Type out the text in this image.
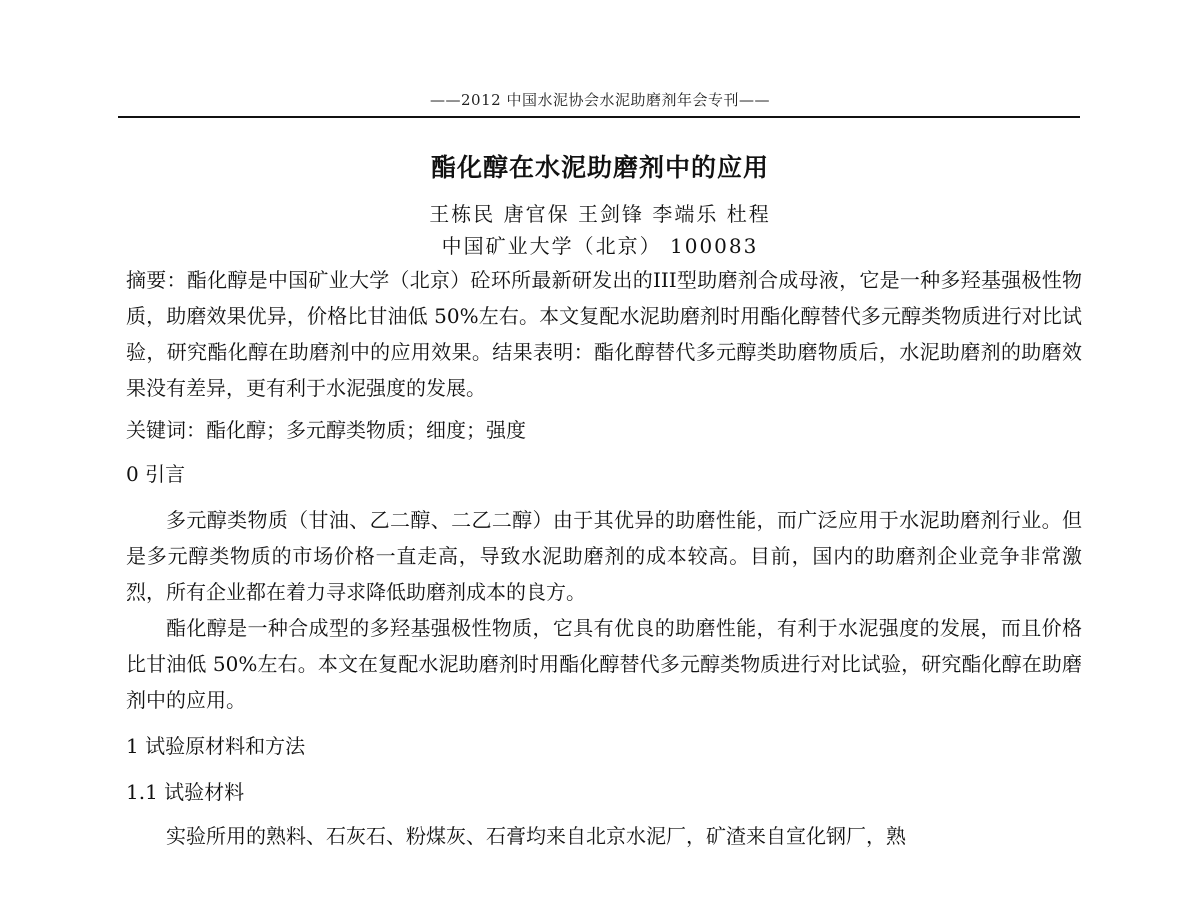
——2012 中国水泥协会水泥助磨剂年会专刊——
酯化醇在水泥助磨剂中的应用
王栋民 唐官保 王剑锋 李端乐 杜程
中国矿业大学（北京） 100083

摘要：酯化醇是中国矿业大学（北京）砼环所最新研发出的III型助磨剂合成母液，它是一种多羟基强极性物质，助磨效果优异，价格比甘油低 50%左右。本文复配水泥助磨剂时用酯化醇替代多元醇类物质进行对比试验，研究酯化醇在助磨剂中的应用效果。结果表明：酯化醇替代多元醇类助磨物质后，水泥助磨剂的助磨效果没有差异，更有利于水泥强度的发展。

关键词：酯化醇；多元醇类物质；细度；强度

0 引言

多元醇类物质（甘油、乙二醇、二乙二醇）由于其优异的助磨性能，而广泛应用于水泥助磨剂行业。但是多元醇类物质的市场价格一直走高，导致水泥助磨剂的成本较高。目前，国内的助磨剂企业竞争非常激烈，所有企业都在着力寻求降低助磨剂成本的良方。

酯化醇是一种合成型的多羟基强极性物质，它具有优良的助磨性能，有利于水泥强度的发展，而且价格比甘油低 50%左右。本文在复配水泥助磨剂时用酯化醇替代多元醇类物质进行对比试验，研究酯化醇在助磨剂中的应用。

1 试验原材料和方法
1.1 试验材料

实验所用的熟料、石灰石、粉煤灰、石膏均来自北京水泥厂，矿渣来自宣化钢厂，熟
